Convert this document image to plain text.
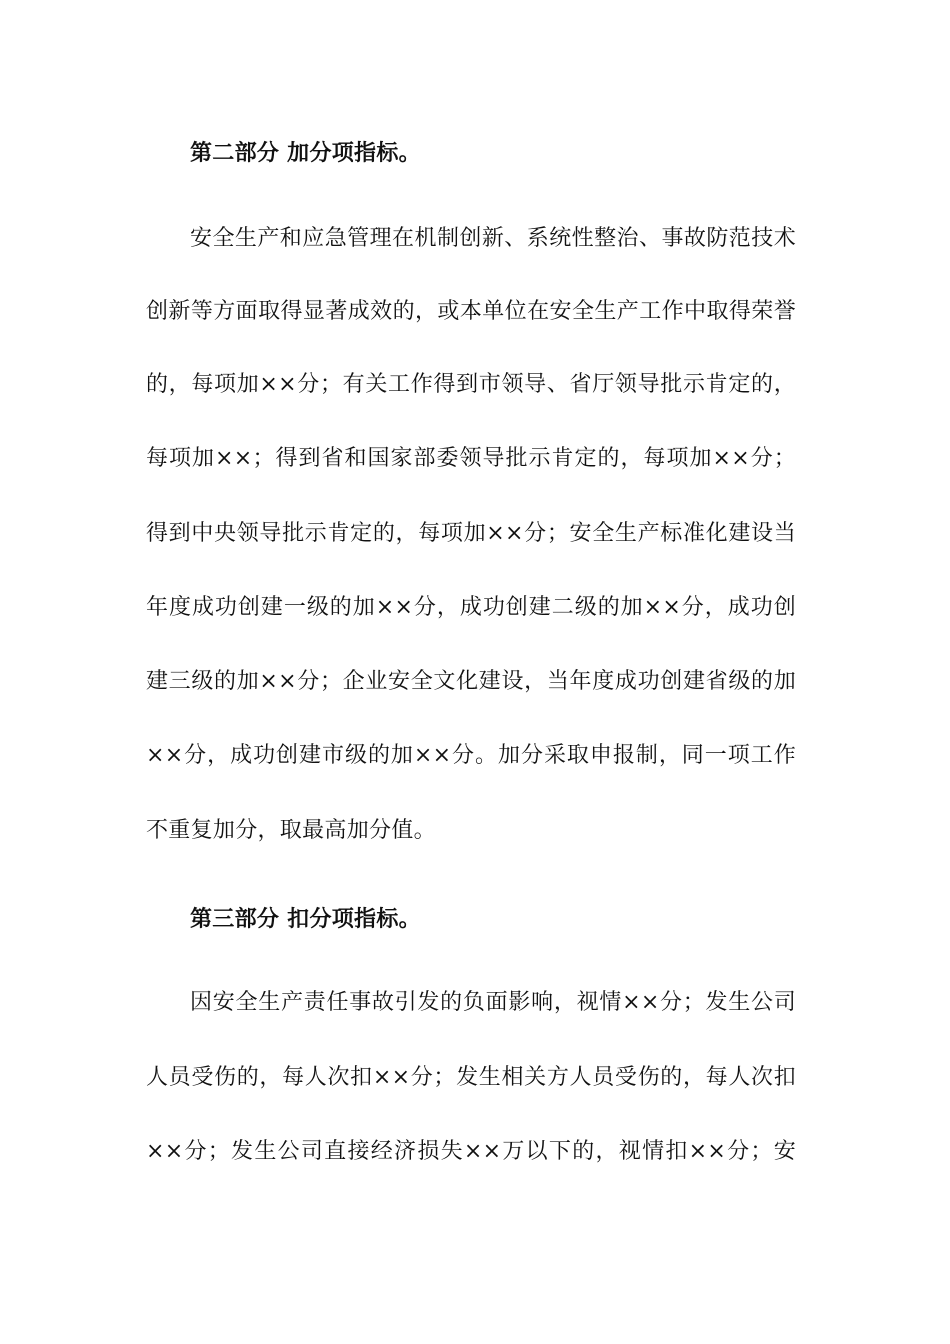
第二部分 加分项指标。
安全生产和应急管理在机制创新、系统性整治、事故防范技术
创新等方面取得显著成效的，或本单位在安全生产工作中取得荣誉
的，每项加××分；有关工作得到市领导、省厅领导批示肯定的，
每项加××；得到省和国家部委领导批示肯定的，每项加××分；
得到中央领导批示肯定的，每项加××分；安全生产标准化建设当
年度成功创建一级的加××分，成功创建二级的加××分，成功创
建三级的加××分；企业安全文化建设，当年度成功创建省级的加
××分，成功创建市级的加××分。加分采取申报制，同一项工作
不重复加分，取最高加分值。
第三部分 扣分项指标。
因安全生产责任事故引发的负面影响，视情××分；发生公司
人员受伤的，每人次扣××分；发生相关方人员受伤的，每人次扣
××分；发生公司直接经济损失××万以下的，视情扣××分；安
